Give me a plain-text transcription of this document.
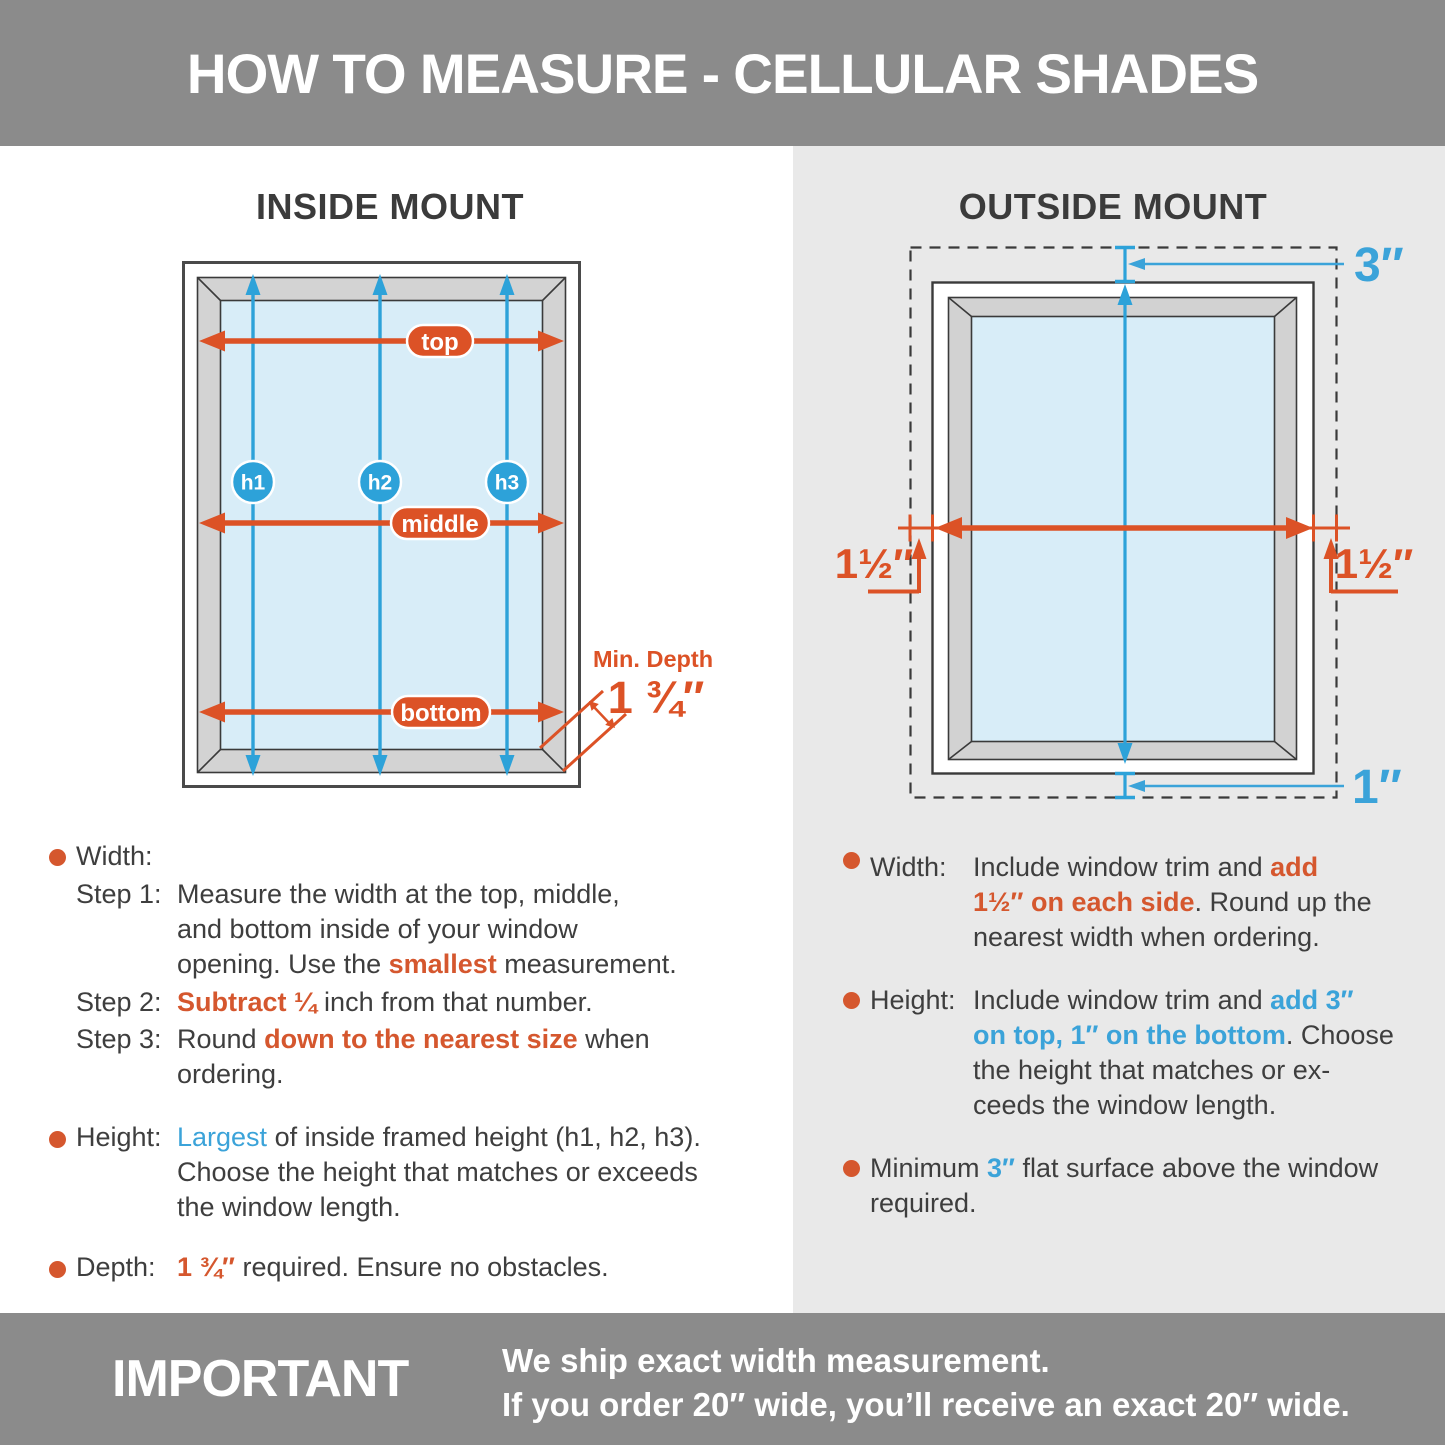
HOW TO MEASURE - CELLULAR SHADES
INSIDE MOUNT	OUTSIDE MOUNT
top
middle
bottom
h1	h2	h3
Min. Depth
1 ¾″
3″
1″
1½″	1½″
Width:
Step 1: Measure the width at the top, middle,
and bottom inside of your window
opening. Use the smallest measurement.
Step 2: Subtract ¼ inch from that number.
Step 3: Round down to the nearest size when
ordering.
Height: Largest of inside framed height (h1, h2, h3).
Choose the height that matches or exceeds
the window length.
Depth: 1 ¾″ required. Ensure no obstacles.
Width: Include window trim and add
1½″ on each side. Round up the
nearest width when ordering.
Height: Include window trim and add 3″
on top, 1″ on the bottom. Choose
the height that matches or ex-
ceeds the window length.
Minimum 3″ flat surface above the window
required.
IMPORTANT	We ship exact width measurement.
If you order 20″ wide, you’ll receive an exact 20″ wide.
